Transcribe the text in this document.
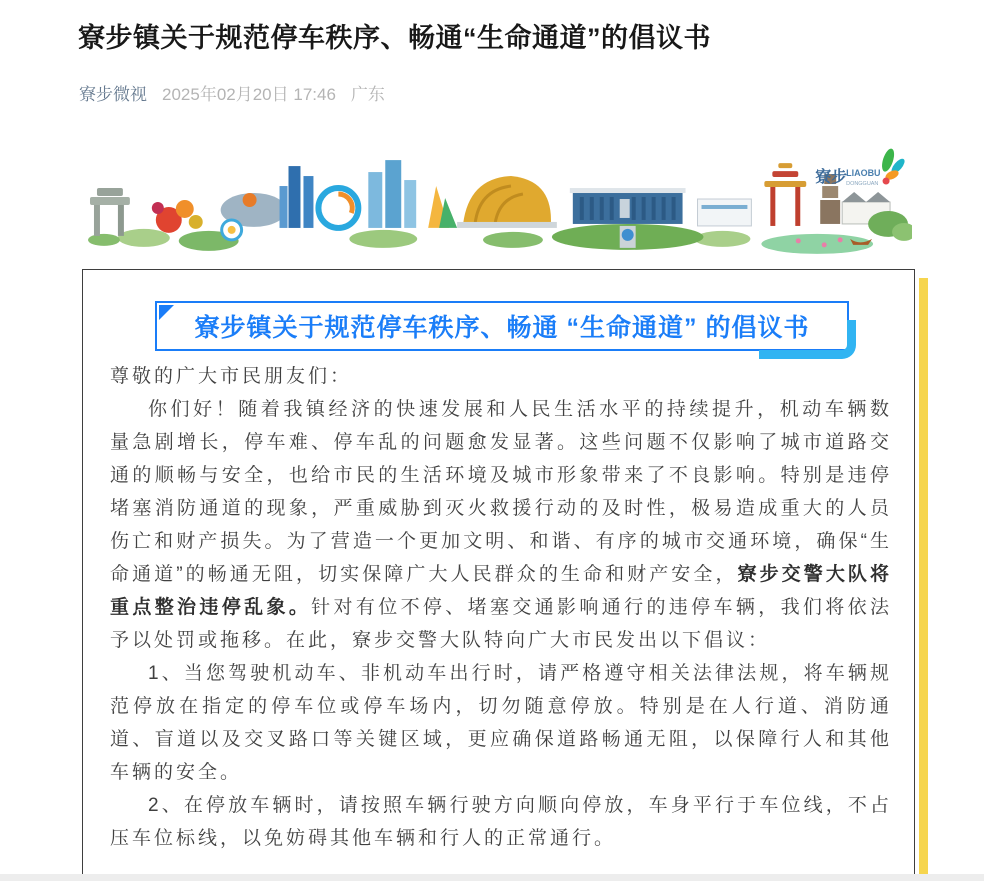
寮步镇关于规范停车秩序、畅通“生命通道”的倡议书
寮步微视 2025年02月20日 17:46 广东
寮步 LIAOBU
DONGGUAN
寮步镇关于规范停车秩序、畅通 “生命通道” 的倡议书

尊敬的广大市民朋友们：

你们好！随着我镇经济的快速发展和人民生活水平的持续提升，机动车辆数量急剧增长，停车难、停车乱的问题愈发显著。这些问题不仅影响了城市道路交通的顺畅与安全，也给市民的生活环境及城市形象带来了不良影响。特别是违停堵塞消防通道的现象，严重威胁到灭火救援行动的及时性，极易造成重大的人员伤亡和财产损失。为了营造一个更加文明、和谐、有序的城市交通环境，确保“生命通道”的畅通无阻，切实保障广大人民群众的生命和财产安全，寮步交警大队将重点整治违停乱象。针对有位不停、堵塞交通影响通行的违停车辆，我们将依法予以处罚或拖移。在此，寮步交警大队特向广大市民发出以下倡议：

1、当您驾驶机动车、非机动车出行时，请严格遵守相关法律法规，将车辆规范停放在指定的停车位或停车场内，切勿随意停放。特别是在人行道、消防通道、盲道以及交叉路口等关键区域，更应确保道路畅通无阻，以保障行人和其他车辆的安全。

2、在停放车辆时，请按照车辆行驶方向顺向停放，车身平行于车位线，不占压车位标线，以免妨碍其他车辆和行人的正常通行。
